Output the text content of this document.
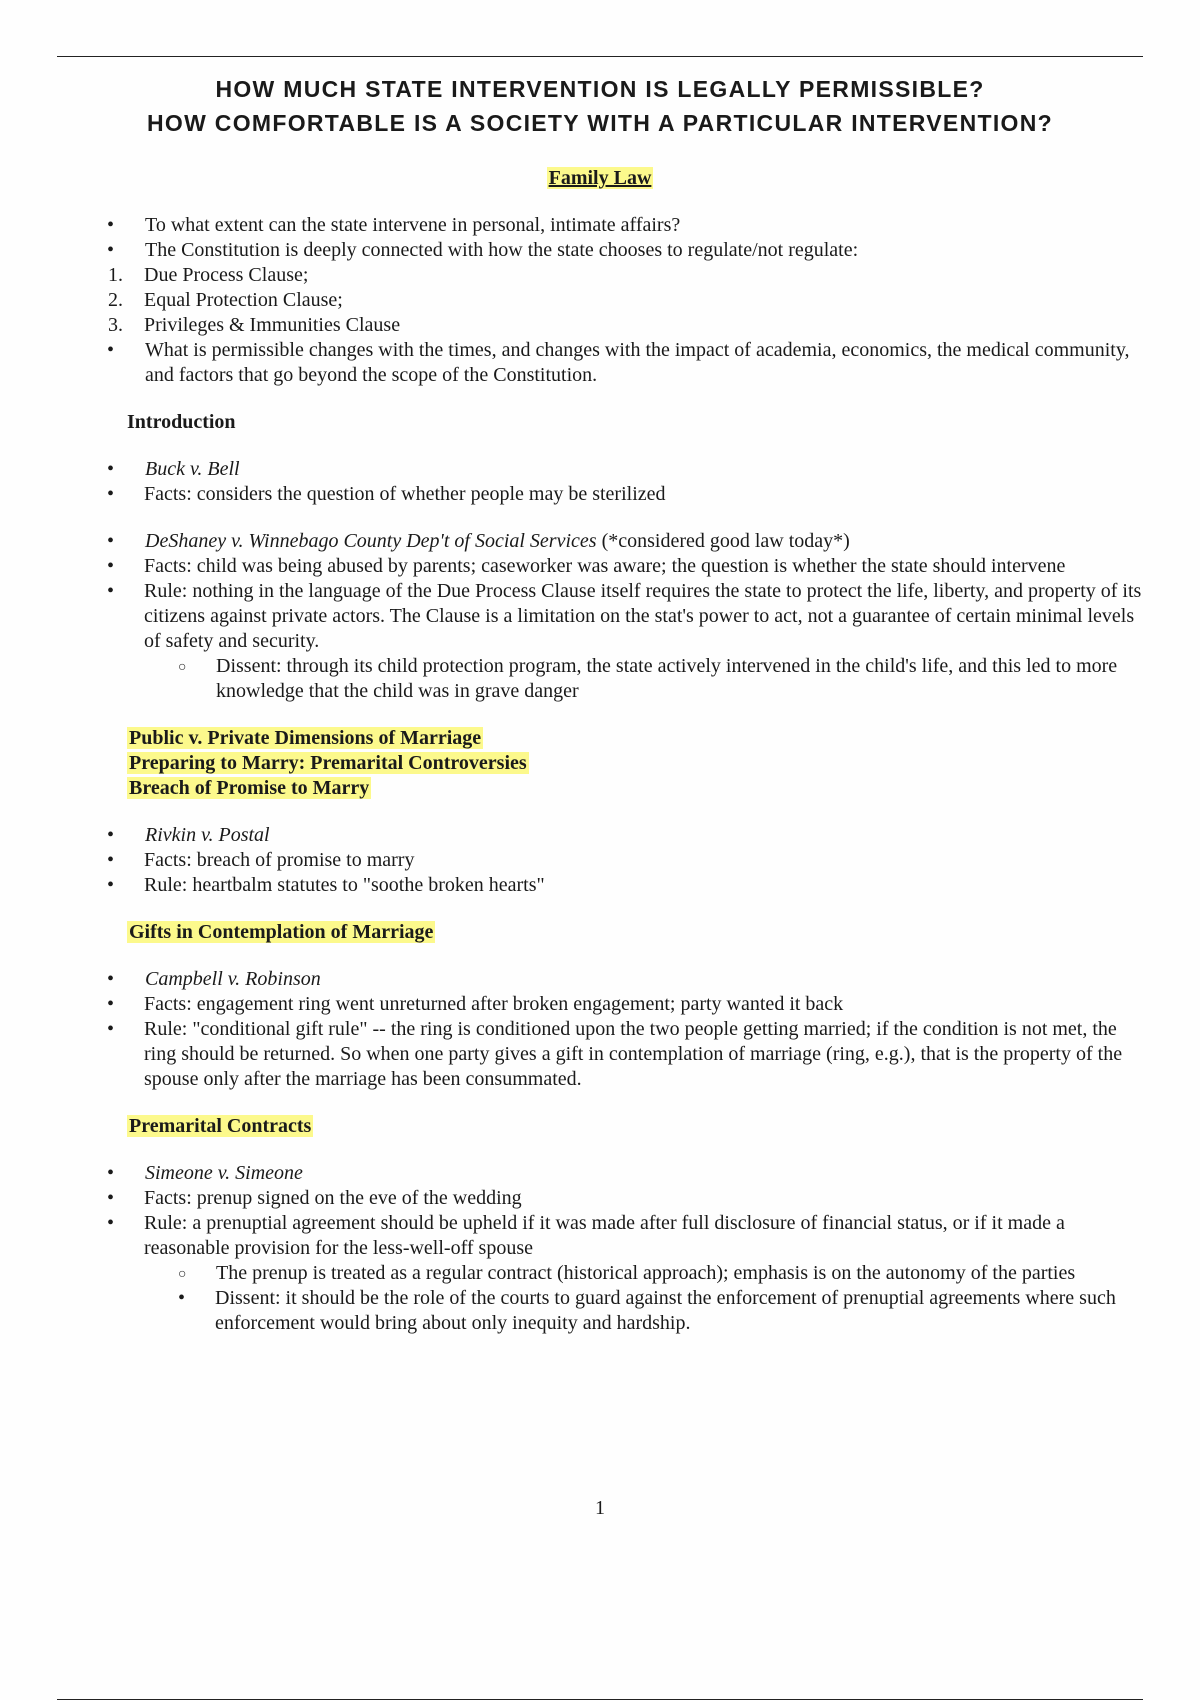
HOW MUCH STATE INTERVENTION IS LEGALLY PERMISSIBLE?
HOW COMFORTABLE IS A SOCIETY WITH A PARTICULAR INTERVENTION?
Family Law
• To what extent can the state intervene in personal, intimate affairs?
• The Constitution is deeply connected with how the state chooses to regulate/not regulate:
1. Due Process Clause;
2. Equal Protection Clause;
3. Privileges & Immunities Clause
• What is permissible changes with the times, and changes with the impact of academia, economics, the medical community, and factors that go beyond the scope of the Constitution.
Introduction
• Buck v. Bell
• Facts: considers the question of whether people may be sterilized
• DeShaney v. Winnebago County Dep't of Social Services (*considered good law today*)
• Facts: child was being abused by parents; caseworker was aware; the question is whether the state should intervene
• Rule: nothing in the language of the Due Process Clause itself requires the state to protect the life, liberty, and property of its citizens against private actors. The Clause is a limitation on the stat's power to act, not a guarantee of certain minimal levels of safety and security.
○ Dissent: through its child protection program, the state actively intervened in the child's life, and this led to more knowledge that the child was in grave danger
Public v. Private Dimensions of Marriage
Preparing to Marry: Premarital Controversies
Breach of Promise to Marry
• Rivkin v. Postal
• Facts: breach of promise to marry
• Rule: heartbalm statutes to "soothe broken hearts"
Gifts in Contemplation of Marriage
• Campbell v. Robinson
• Facts: engagement ring went unreturned after broken engagement; party wanted it back
• Rule: "conditional gift rule" -- the ring is conditioned upon the two people getting married; if the condition is not met, the ring should be returned. So when one party gives a gift in contemplation of marriage (ring, e.g.), that is the property of the spouse only after the marriage has been consummated.
Premarital Contracts
• Simeone v. Simeone
• Facts: prenup signed on the eve of the wedding
• Rule: a prenuptial agreement should be upheld if it was made after full disclosure of financial status, or if it made a reasonable provision for the less-well-off spouse
○ The prenup is treated as a regular contract (historical approach); emphasis is on the autonomy of the parties
• Dissent: it should be the role of the courts to guard against the enforcement of prenuptial agreements where such enforcement would bring about only inequity and hardship.
1
